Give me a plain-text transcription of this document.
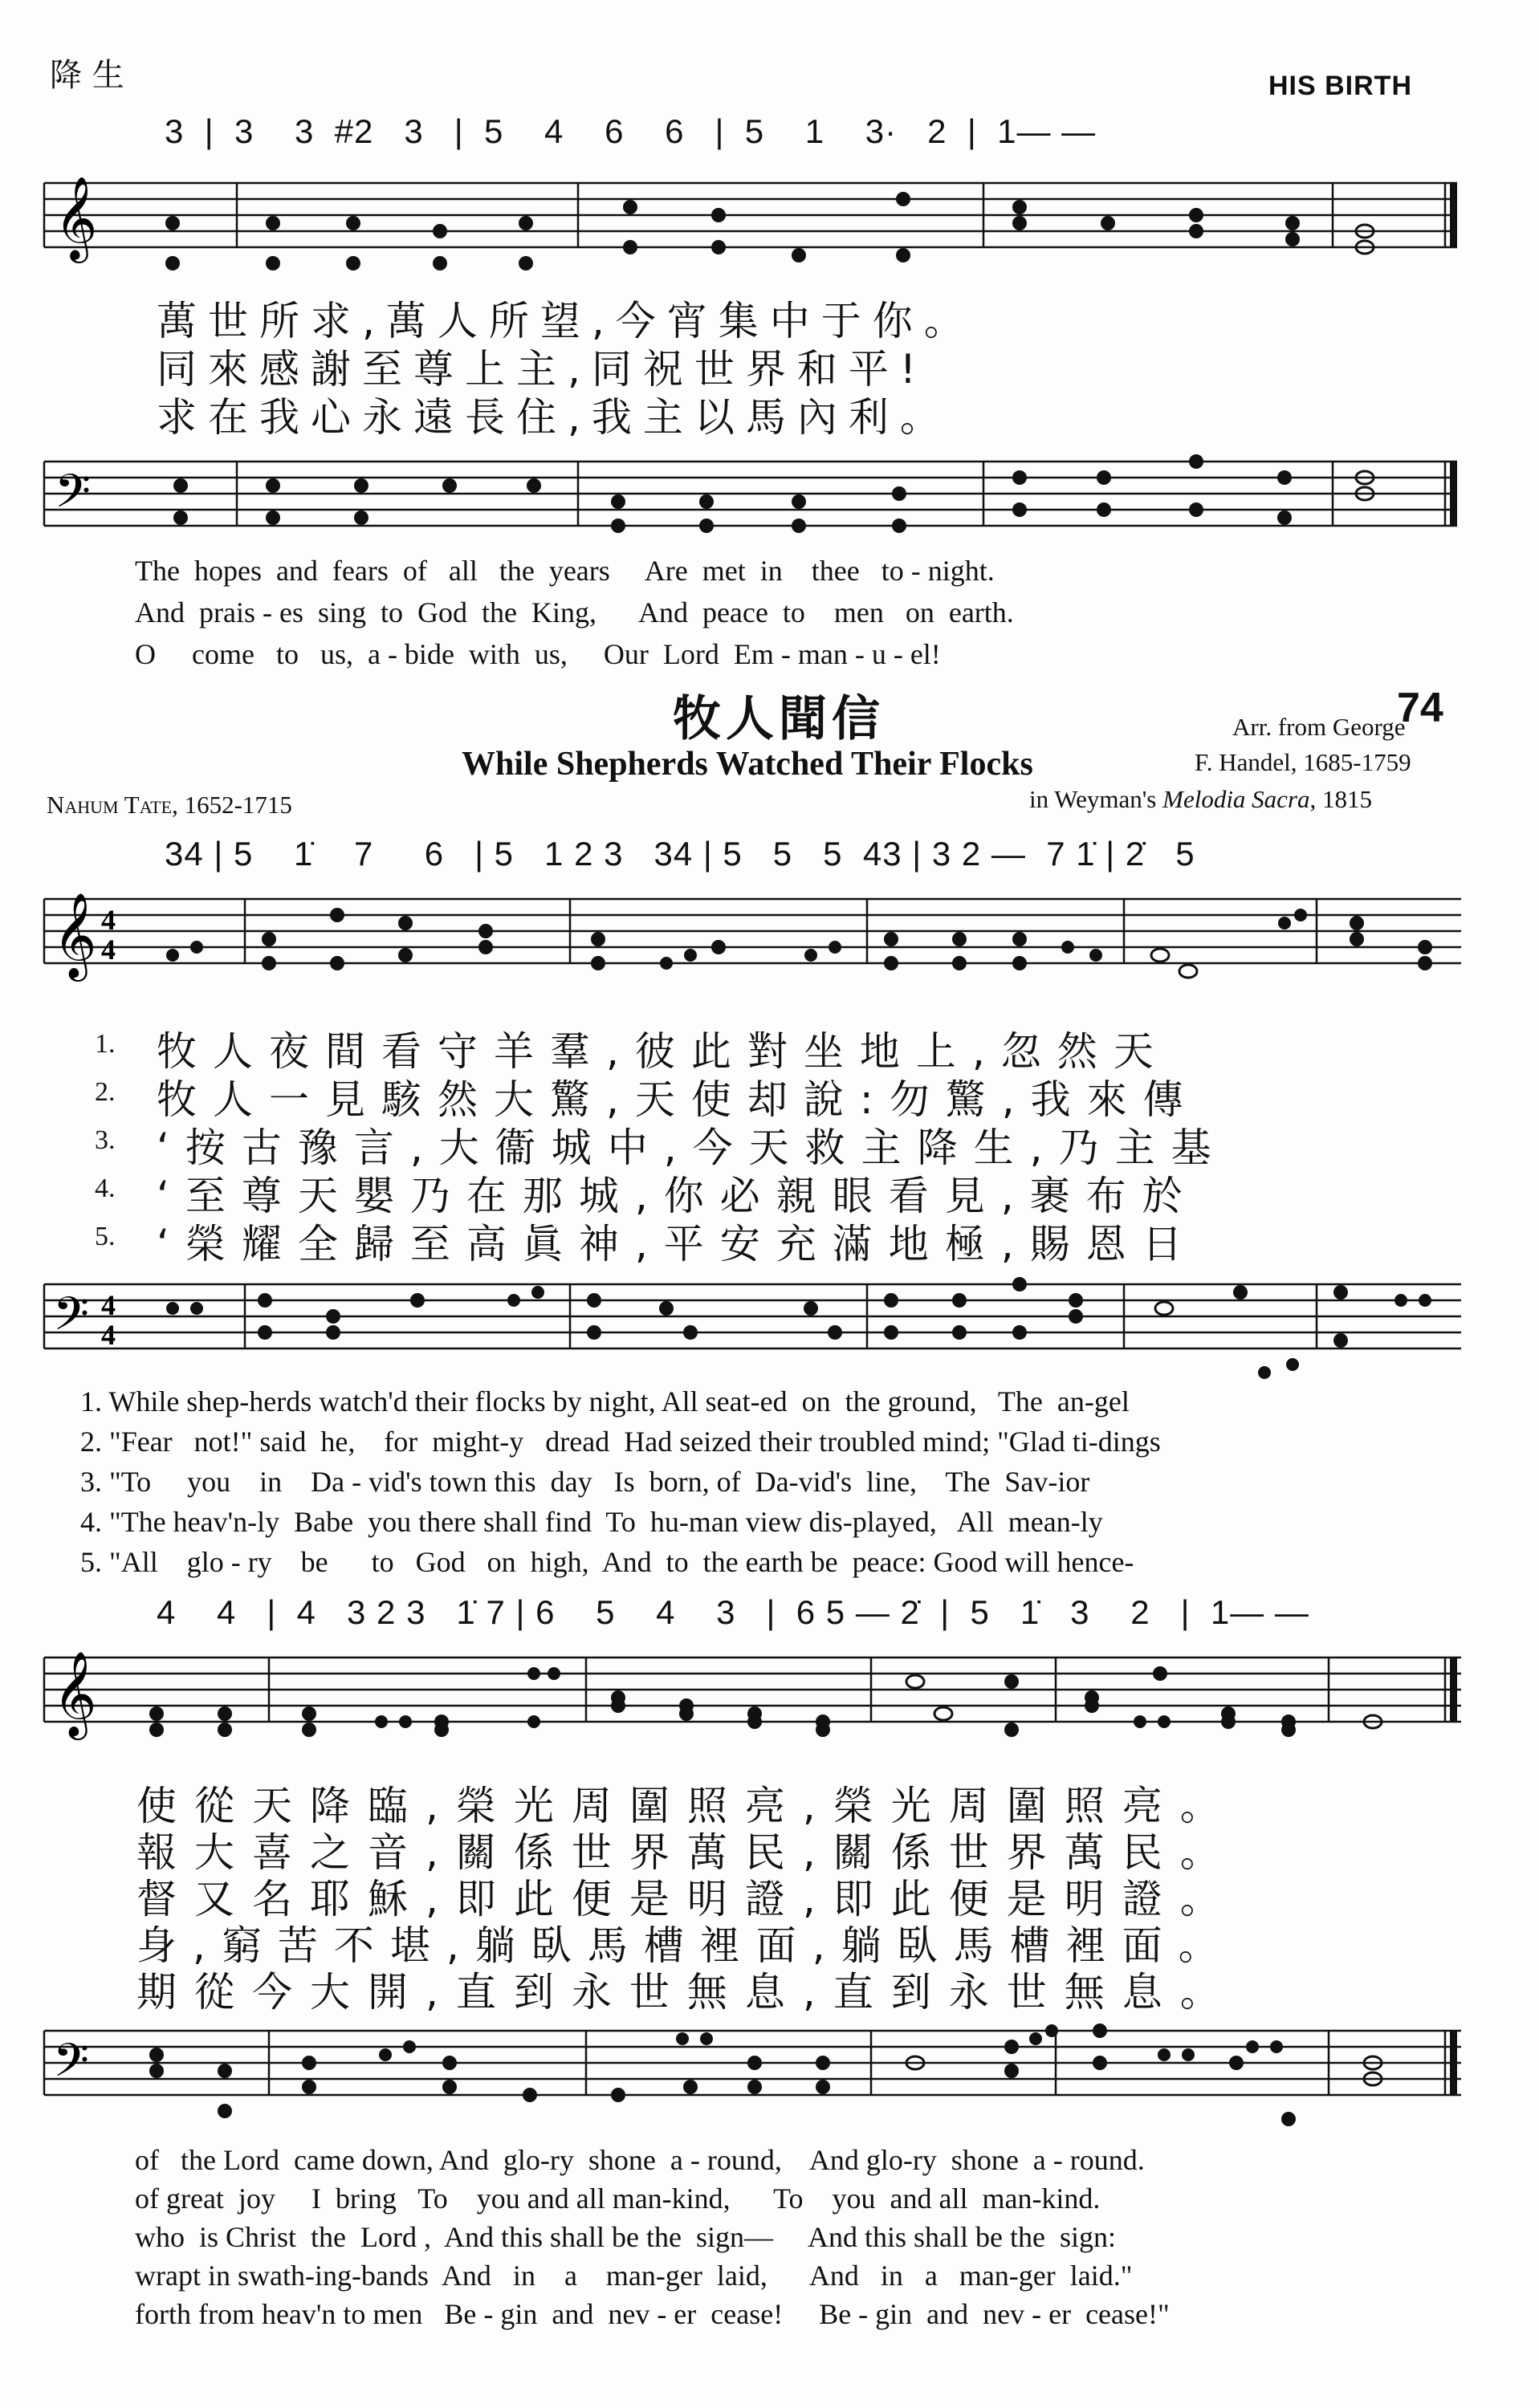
降 生	HIS BIRTH
3  |  3    3  #2   3   |  5    4    6    6   |  5    1    3·   2  |  1— —
𝄞
萬世所求,萬人所望,今宵集中于你。
同來感謝至尊上主,同祝世界和平!
求在我心永遠長住,我主以馬內利。
𝄢
The  hopes  and  fears  of   all   the  years     Are  met  in    thee   to - night.
And  prais - es  sing  to  God  the  King,      And  peace  to    men   on  earth.
O     come   to   us,  a - bide  with  us,     Our  Lord  Em - man - u - el!
牧人聞信	74
Arr. from George
While Shepherds Watched Their Flocks	F. Handel, 1685-1759
Nahum Tate, 1652-1715	in Weyman's Melodia Sacra, 1815
34 | 5    1̇    7     6   | 5   1 2 3   34 | 5   5   5  43 | 3 2 —  7 1̇ | 2̇   5
𝄞 4
4
1.
2.
3.
4.
5.
牧人夜間看守羊羣,彼此對坐地上,忽然天
牧人一見駭然大驚,天使却說:勿驚,我來傳
‘按古豫言,大衞城中,今天救主降生,乃主基
‘至尊天嬰乃在那城,你必親眼看見,裹布於
‘榮耀全歸至高眞神,平安充滿地極,賜恩日
𝄢 4
4
1. While shep-herds watch'd their flocks by night, All seat-ed  on  the ground,   The  an-gel
2. "Fear   not!" said  he,    for  might-y   dread  Had seized their troubled mind; "Glad ti-dings
3. "To     you    in    Da - vid's town this  day   Is  born, of  Da-vid's  line,    The  Sav-ior
4. "The heav'n-ly  Babe  you there shall find  To  hu-man view dis-played,   All  mean-ly
5. "All    glo - ry    be      to   God   on  high,  And  to  the earth be  peace: Good will hence-
4    4   |  4   3 2 3   1̇ 7 | 6    5    4    3   |  6 5 — 2̇  |  5   1̇   3    2   |  1— —
𝄞
使從天降臨,榮光周圍照亮,榮光周圍照亮。
報大喜之音,關係世界萬民,關係世界萬民。
督又名耶穌,即此便是明證,即此便是明證。
身,窮苦不堪,躺臥馬槽裡面,躺臥馬槽裡面。
期從今大開,直到永世無息,直到永世無息。
𝄢
of   the Lord  came down, And  glo-ry  shone  a - round,    And glo-ry  shone  a - round.
of great  joy     I  bring   To    you and all man-kind,      To    you  and all  man-kind.
who  is Christ  the  Lord ,  And this shall be the  sign—     And this shall be the  sign:
wrapt in swath-ing-bands  And   in    a    man-ger  laid,      And   in   a   man-ger  laid."
forth from heav'n to men   Be - gin  and  nev - er  cease!     Be - gin  and  nev - er  cease!"
